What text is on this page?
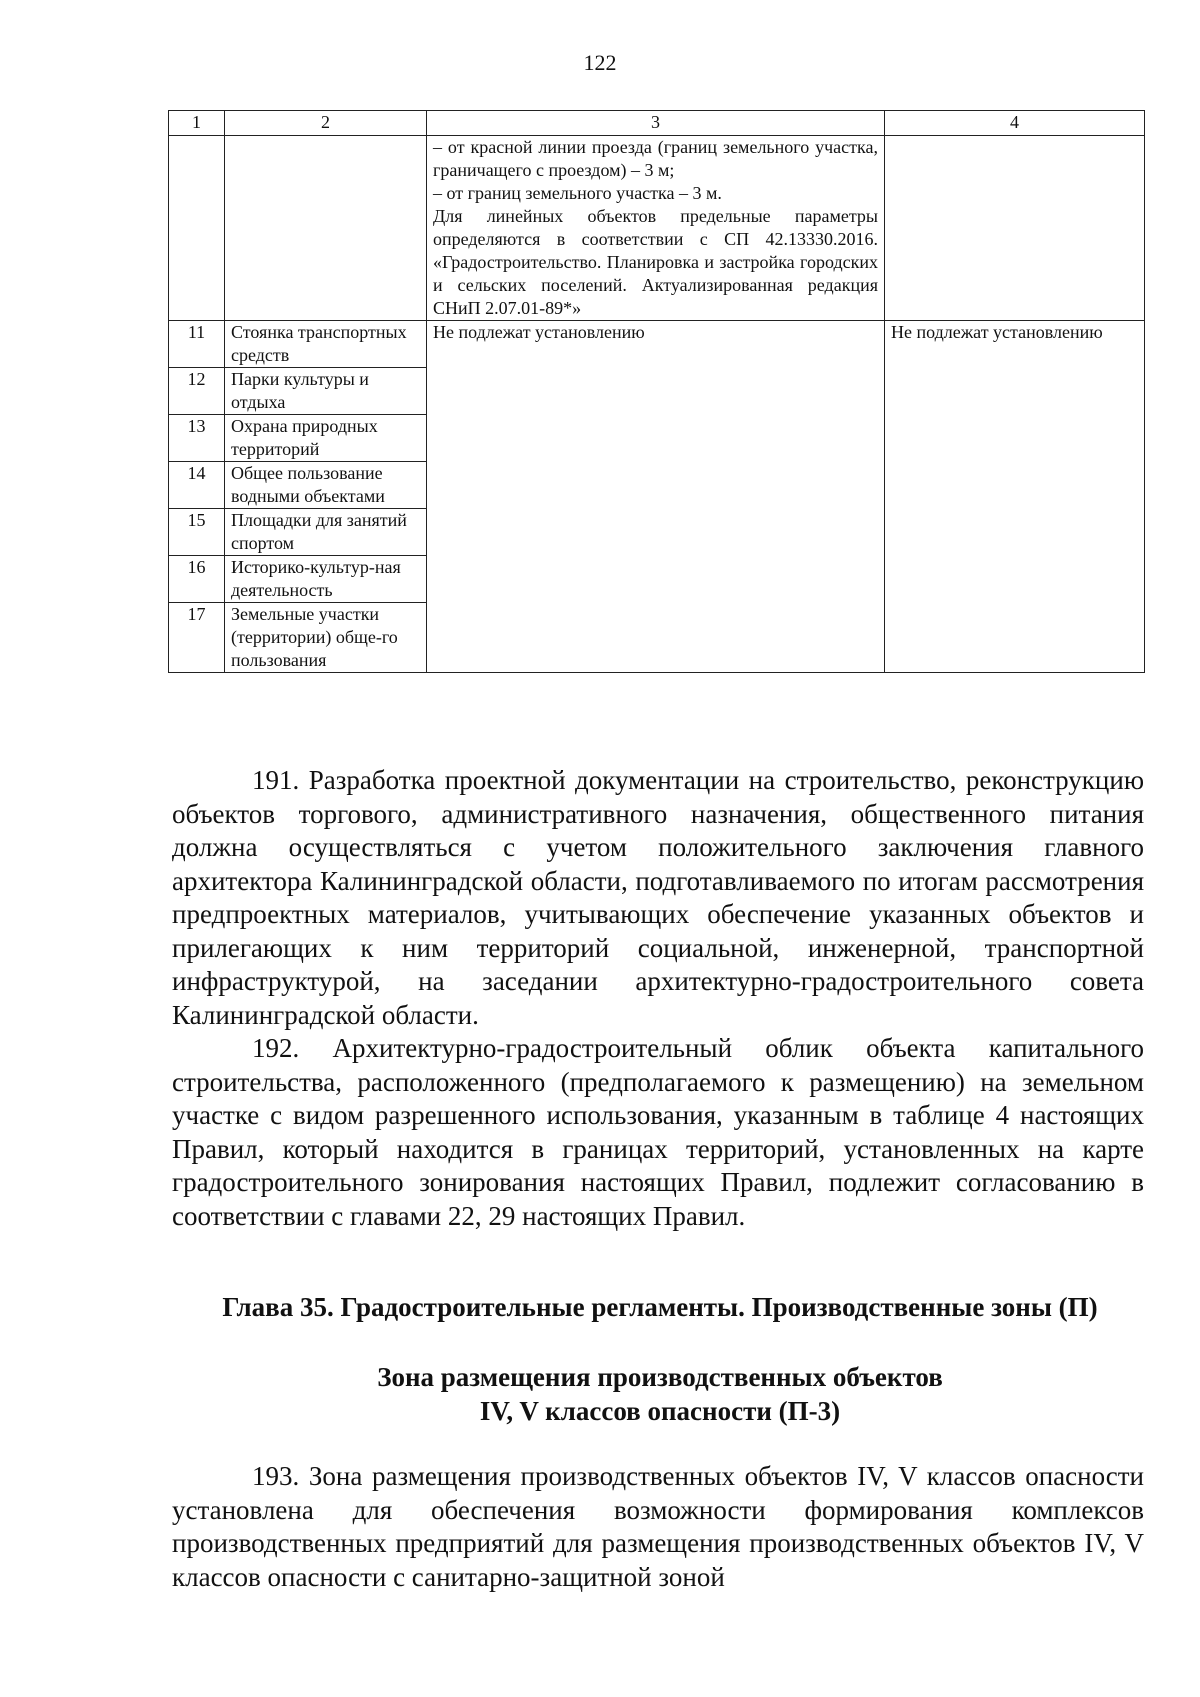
122
1	2	3	4

		– от красной линии проезда (границ земельного участка, граничащего с проездом) – 3 м;
– от границ земельного участка – 3 м.
Для линейных объектов предельные параметры определяются в соответствии с СП 42.13330.2016. «Градостроительство. Планировка и застройка городских и сельских поселений. Актуализированная редакция СНиП 2.07.01-89*»	

11	Стоянка транспортных средств	Не подлежат установлению	Не подлежат установлению
12	Парки культуры и отдыха		
13	Охрана природных территорий		
14	Общее пользование водными объектами		
15	Площадки для занятий спортом		
16	Историко-культур-ная деятельность		
17	Земельные участки (территории) обще-го пользования		

191. Разработка проектной документации на строительство, реконструкцию объектов торгового, административного назначения, общественного питания должна осуществляться с учетом положительного заключения главного архитектора Калининградской области, подготавливаемого по итогам рассмотрения предпроектных материалов, учитывающих обеспечение указанных объектов и прилегающих к ним территорий социальной, инженерной, транспортной инфраструктурой, на заседании архитектурно-градостроительного совета Калининградской области.

192. Архитектурно-градостроительный облик объекта капитального строительства, расположенного (предполагаемого к размещению) на земельном участке с видом разрешенного использования, указанным в таблице 4 настоящих Правил, который находится в границах территорий, установленных на карте градостроительного зонирования настоящих Правил, подлежит согласованию в соответствии с главами 22, 29 настоящих Правил.

Глава 35. Градостроительные регламенты. Производственные зоны (П)
Зона размещения производственных объектов
IV, V классов опасности (П-3)

193. Зона размещения производственных объектов IV, V классов опасности установлена для обеспечения возможности формирования комплексов производственных предприятий для размещения производственных объектов IV, V классов опасности с санитарно-защитной зоной
